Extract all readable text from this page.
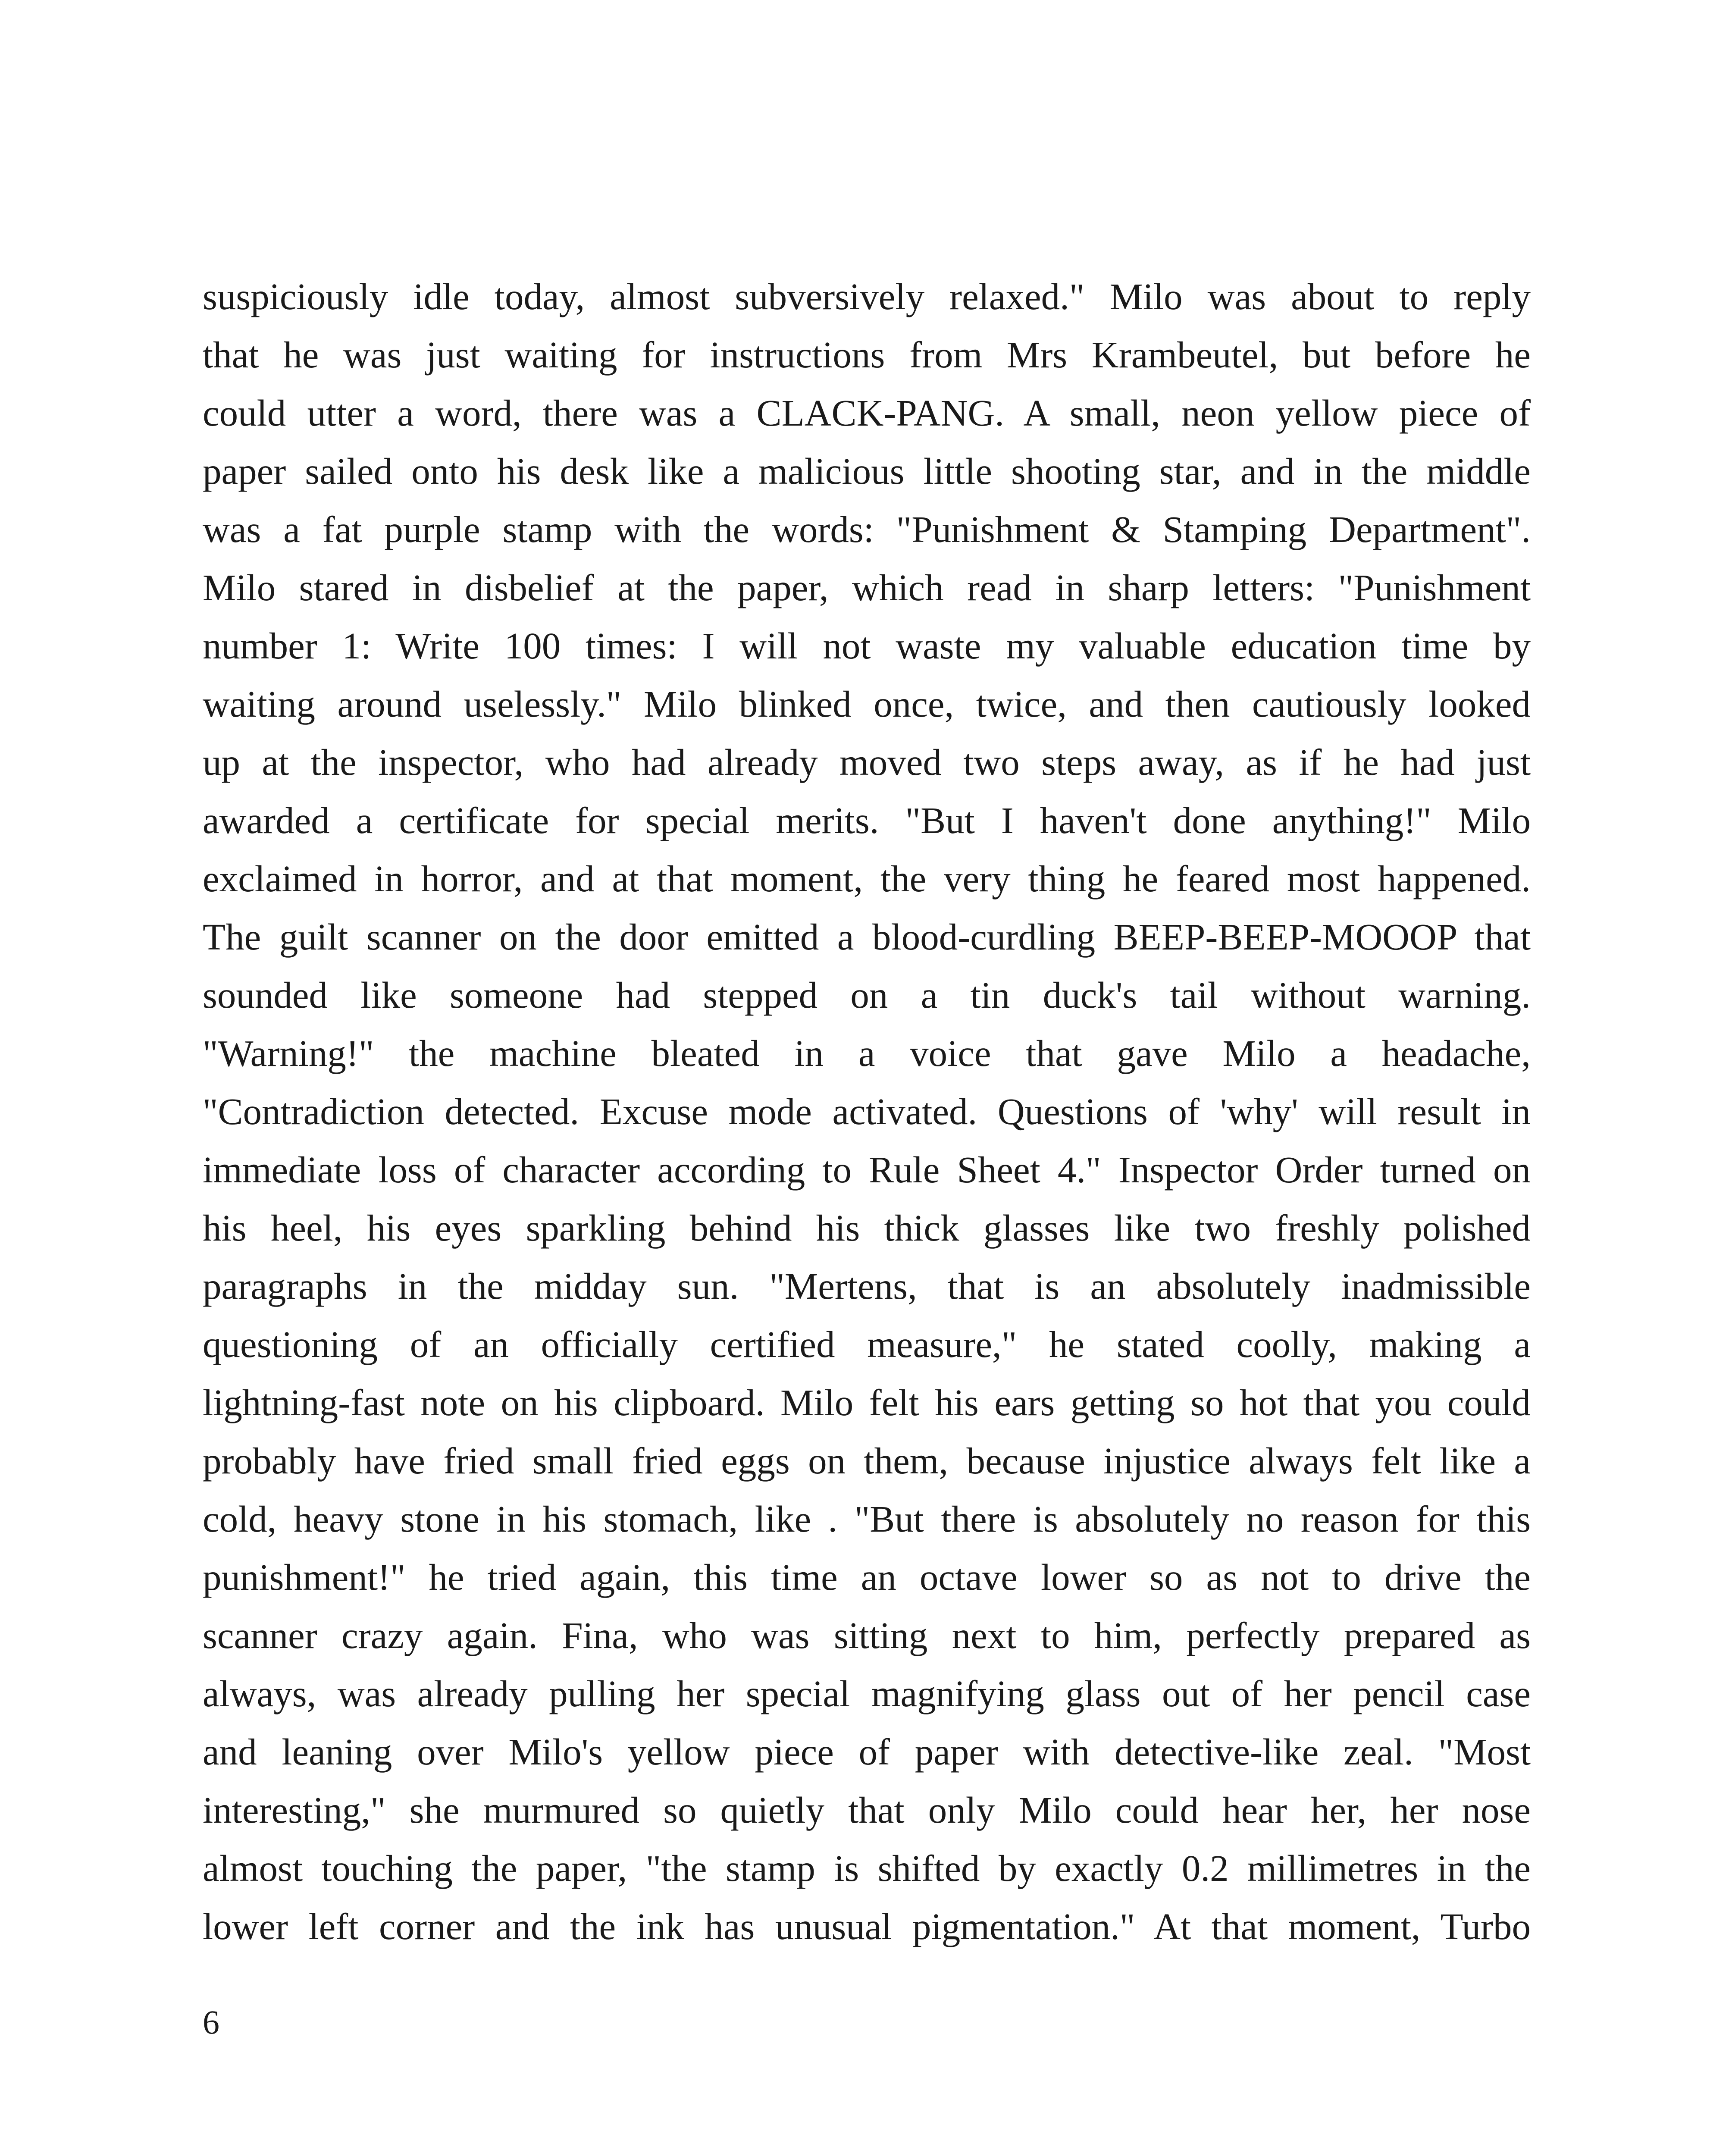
suspiciously idle today, almost subversively relaxed." Milo was about to reply
that he was just waiting for instructions from Mrs Krambeutel, but before he
could utter a word, there was a CLACK-PANG. A small, neon yellow piece of
paper sailed onto his desk like a malicious little shooting star, and in the middle
was a fat purple stamp with the words: "Punishment & Stamping Department".
Milo stared in disbelief at the paper, which read in sharp letters: "Punishment
number 1: Write 100 times: I will not waste my valuable education time by
waiting around uselessly." Milo blinked once, twice, and then cautiously looked
up at the inspector, who had already moved two steps away, as if he had just
awarded a certificate for special merits. "But I haven't done anything!" Milo
exclaimed in horror, and at that moment, the very thing he feared most happened.
The guilt scanner on the door emitted a blood-curdling BEEP-BEEP-MOOOP that
sounded like someone had stepped on a tin duck's tail without warning.
"Warning!" the machine bleated in a voice that gave Milo a headache,
"Contradiction detected. Excuse mode activated. Questions of 'why' will result in
immediate loss of character according to Rule Sheet 4." Inspector Order turned on
his heel, his eyes sparkling behind his thick glasses like two freshly polished
paragraphs in the midday sun. "Mertens, that is an absolutely inadmissible
questioning of an officially certified measure," he stated coolly, making a
lightning-fast note on his clipboard. Milo felt his ears getting so hot that you could
probably have fried small fried eggs on them, because injustice always felt like a
cold, heavy stone in his stomach, like . "But there is absolutely no reason for this
punishment!" he tried again, this time an octave lower so as not to drive the
scanner crazy again. Fina, who was sitting next to him, perfectly prepared as
always, was already pulling her special magnifying glass out of her pencil case
and leaning over Milo's yellow piece of paper with detective-like zeal. "Most
interesting," she murmured so quietly that only Milo could hear her, her nose
almost touching the paper, "the stamp is shifted by exactly 0.2 millimetres in the
lower left corner and the ink has unusual pigmentation." At that moment, Turbo
6
